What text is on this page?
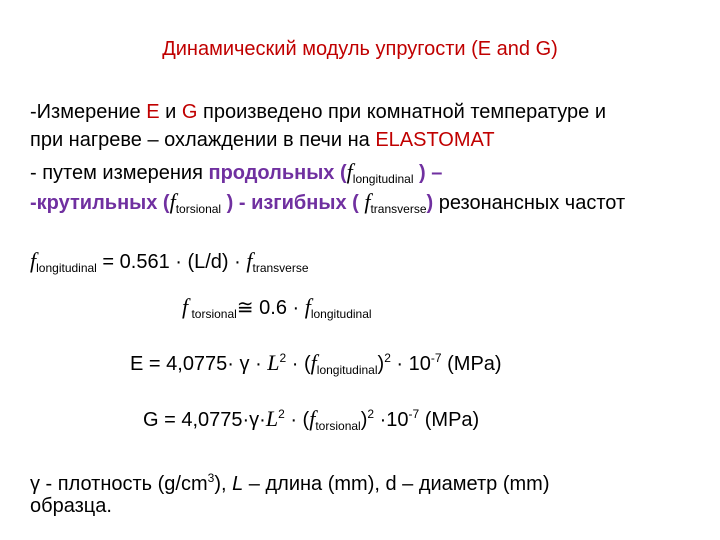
Динамический модуль упругости (E and G)
-Измерение E и G произведено при комнатной температуре и
при нагреве – охлаждении в печи на ELASTOMAT
- путем измерения продольных ($f_{longitudinal}$ ) –
-крутильных ($f_{torsional}$ ) - изгибных ( $f_{transverse}$) резонансных частот
$f_{longitudinal} = 0.561 \cdot (L/d) \cdot f_{transverse}$
f $_{torsional}$≅ $0.6 \cdot f_{longitudinal}$
$E = 4,0775\cdot \gamma \cdot L^2 \cdot (f_{longitudinal})^2 \cdot 10^{-7}$ (MPa)
$G = 4,0775\cdot\gamma\cdot L^2 \cdot (f_{torsional})^2 \cdot 10^{-7}$ (MPa)
γ - плотность $(g/cm^3)$, L – длина (mm), d – диаметр (mm)
образца.
